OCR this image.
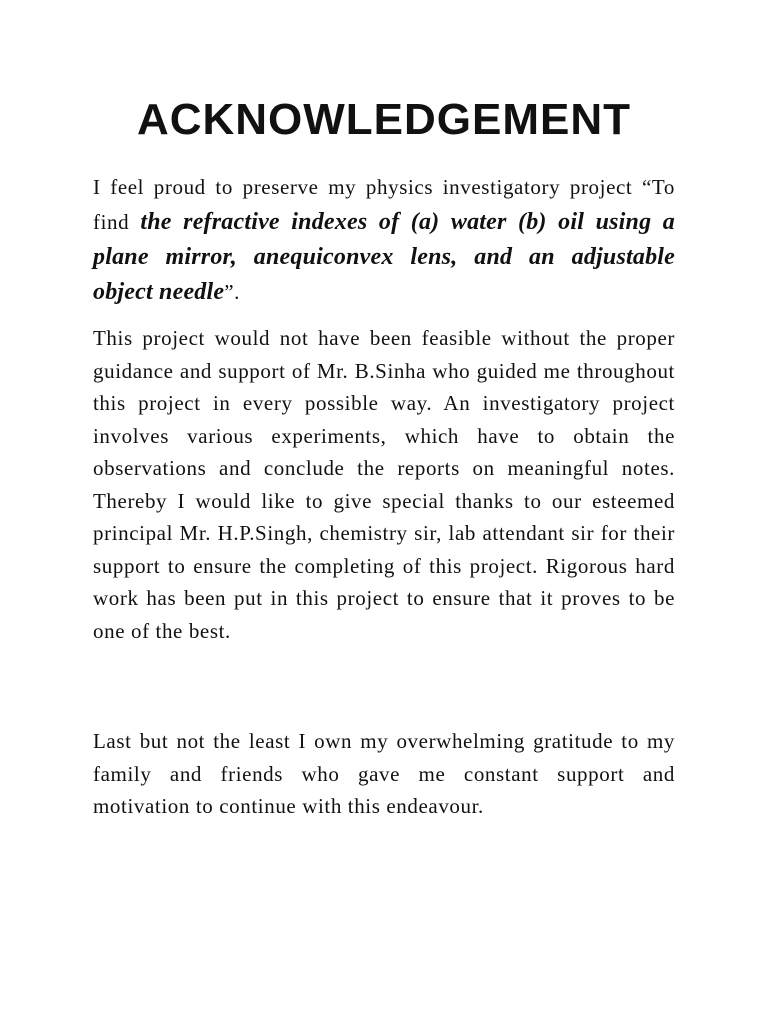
ACKNOWLEDGEMENT

I feel proud to preserve my physics investigatory project “To find the refractive indexes of (a) water (b) oil using a plane mirror, anequiconvex lens, and an adjustable object needle”.

This project would not have been feasible without the proper guidance and support of Mr. B.Sinha who guided me throughout this project in every possible way. An investigatory project involves various experiments, which have to obtain the observations and conclude the reports on meaningful notes. Thereby I would like to give special thanks to our esteemed principal Mr. H.P.Singh, chemistry sir, lab attendant sir for their support to ensure the completing of this project. Rigorous hard work has been put in this project to ensure that it proves to be one of the best.

Last but not the least I own my overwhelming gratitude to my family and friends who gave me constant support and motivation to continue with this endeavour.
